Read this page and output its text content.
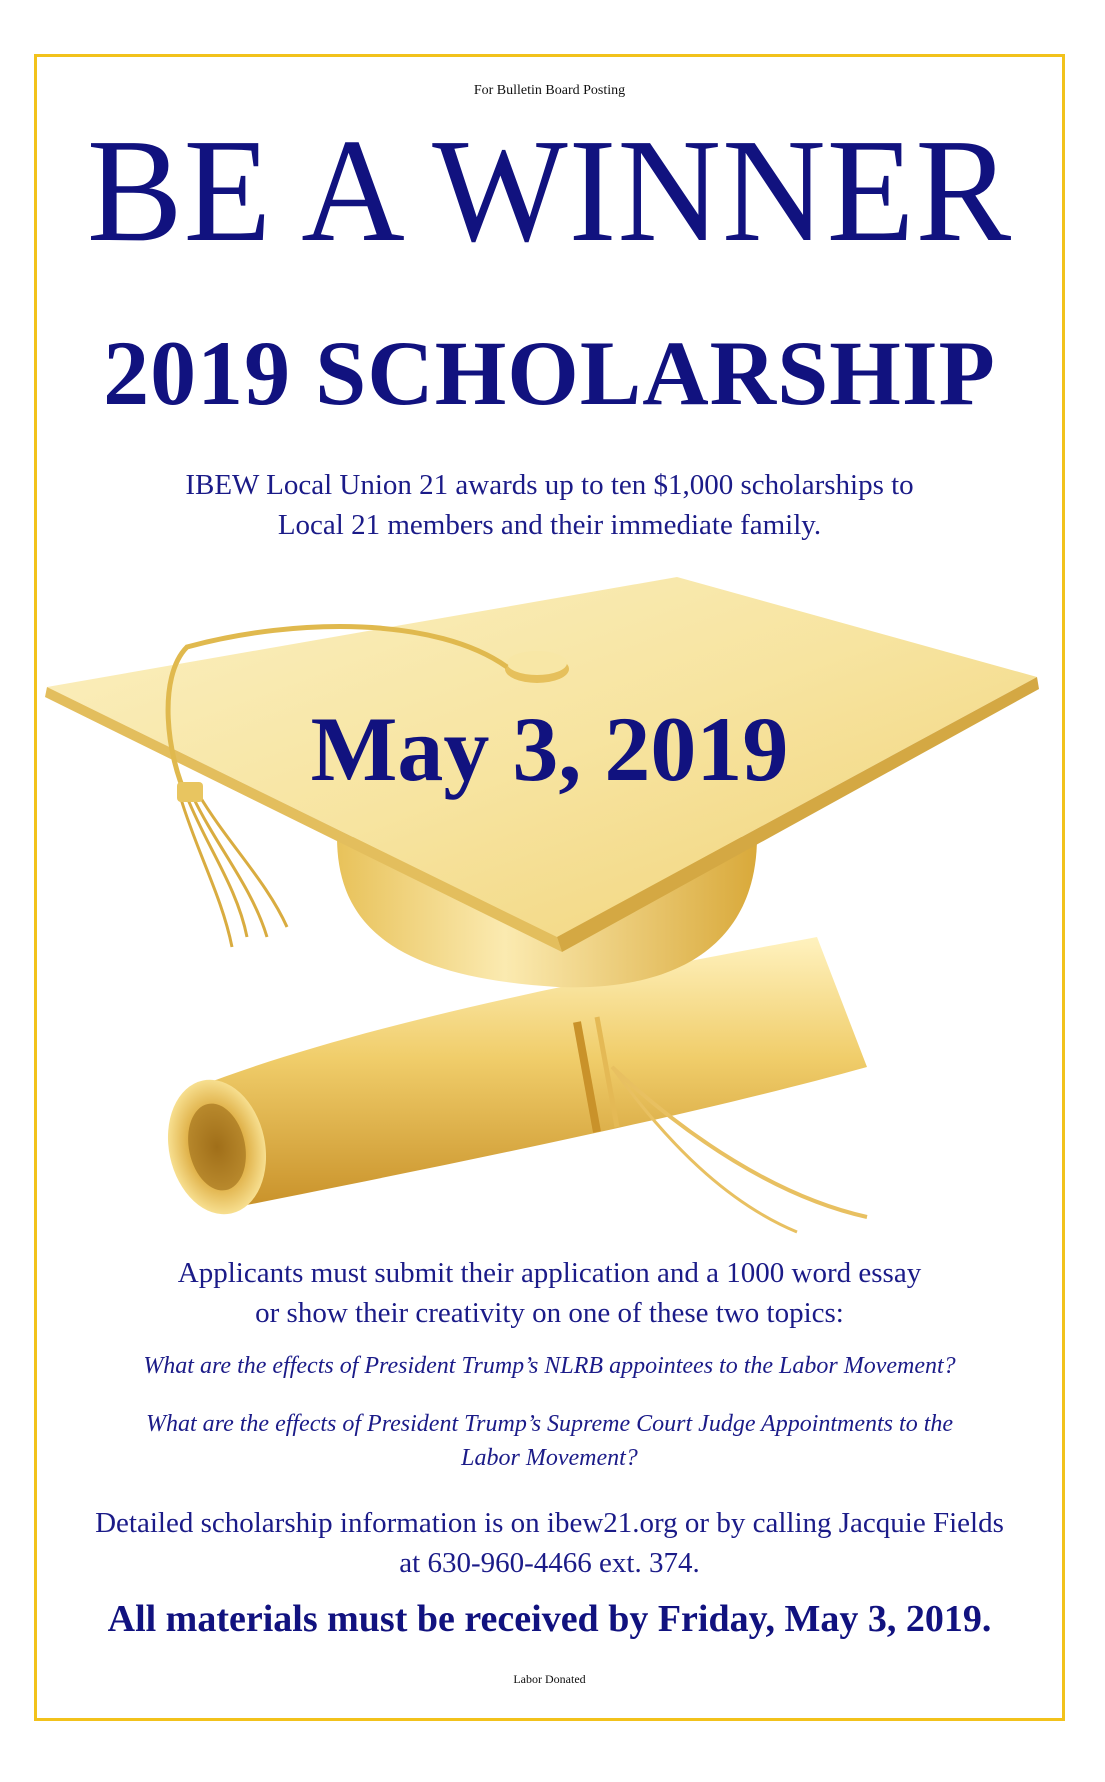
For Bulletin Board Posting
BE A WINNER
2019 SCHOLARSHIP
IBEW Local Union 21 awards up to ten $1,000 scholarships to
Local 21 members and their immediate family.
May 3, 2019
Applicants must submit their application and a 1000 word essay
or show their creativity on one of these two topics:
What are the effects of President Trump’s NLRB appointees to the Labor Movement?
What are the effects of President Trump’s Supreme Court Judge Appointments to the
Labor Movement?
Detailed scholarship information is on ibew21.org or by calling Jacquie Fields
at 630-960-4466 ext. 374.
All materials must be received by Friday, May 3, 2019.
Labor Donated
